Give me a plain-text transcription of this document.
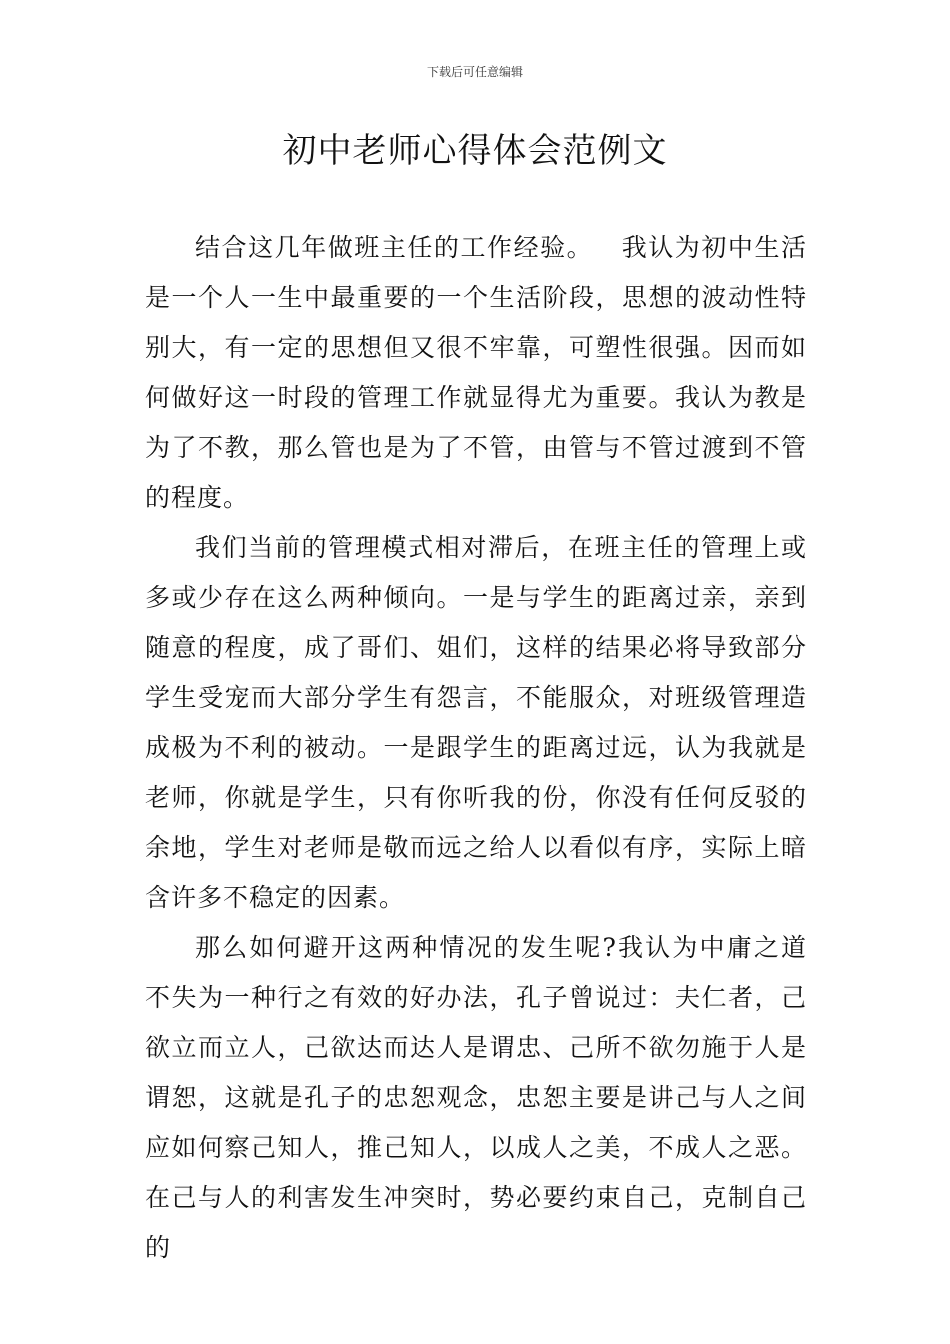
下载后可任意编辑
初中老师心得体会范例文

结合这几年做班主任的工作经验。   我认为初中生活是一个人一生中最重要的一个生活阶段，思想的波动性特别大，有一定的思想但又很不牢靠，可塑性很强。因而如何做好这一时段的管理工作就显得尤为重要。我认为教是为了不教，那么管也是为了不管，由管与不管过渡到不管的程度。

我们当前的管理模式相对滞后，在班主任的管理上或多或少存在这么两种倾向。一是与学生的距离过亲，亲到随意的程度，成了哥们、姐们，这样的结果必将导致部分学生受宠而大部分学生有怨言，不能服众，对班级管理造成极为不利的被动。一是跟学生的距离过远，认为我就是老师，你就是学生，只有你听我的份，你没有任何反驳的余地，学生对老师是敬而远之给人以看似有序，实际上暗含许多不稳定的因素。

那么如何避开这两种情况的发生呢?我认为中庸之道不失为一种行之有效的好办法，孔子曾说过：夫仁者，己欲立而立人，己欲达而达人是谓忠、己所不欲勿施于人是谓恕，这就是孔子的忠恕观念，忠恕主要是讲己与人之间应如何察己知人，推己知人，以成人之美，不成人之恶。在己与人的利害发生冲突时，势必要约束自己，克制自己的
